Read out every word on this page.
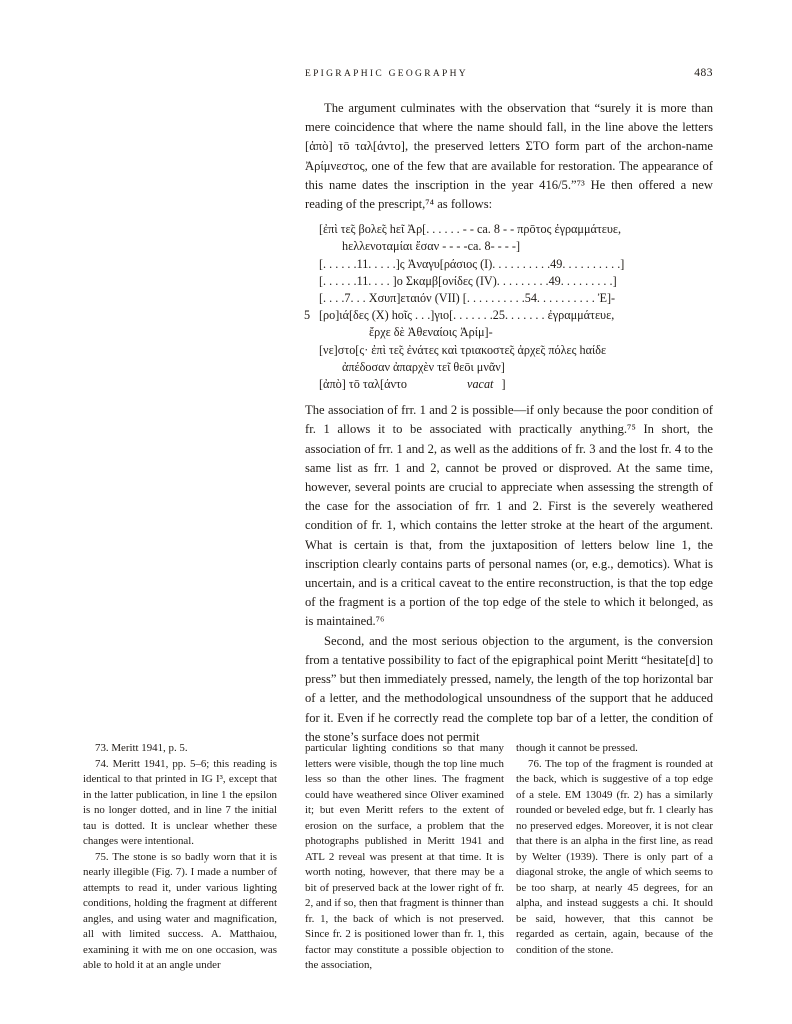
EPIGRAPHIC GEOGRAPHY	483

The argument culminates with the observation that “surely it is more than mere coincidence that where the name should fall, in the line above the letters [ἀπὸ] τō ταλ[άντο], the preserved letters ΣΤΟ form part of the archon-name Ἀρίμνεστος, one of the few that are available for restoration. The appearance of this name dates the inscription in the year 416/5.”⁷³ He then offered a new reading of the prescript,⁷⁴ as follows:

[ἐπὶ τε̃ς βολε̃ς hε̃ι Ἀρ[. . . . . . - - ca. 8 - - πρōτος ἐγραμμάτευε,
hελλενοταμίαι ἔσαν - - - -ca. 8- - - -]
[. . . . . .11. . . . .]ς Ἀναγυ[ράσιος (I). . . . . . . . . .49. . . . . . . . . .]
[. . . . . .11. . . . ]ο Σκαμβ[ονίδες (IV). . . . . . . . .49. . . . . . . . .]
[. . . .7. . . Χσυπ]εταιόν (VII) [. . . . . . . . . .54. . . . . . . . . . Ἐ]-
5 [ρο]ιά[δες (X) hοῖς . . .]γιο[. . . . . . .25. . . . . . . ἐγραμμάτευε,
ἔρχε δὲ Ἀθεναίοις Ἀρίμ]-
[νε]στο[ς· ἐπὶ τε̃ς ἐνάτες καὶ τριακοστε̃ς ἀρχε̃ς πόλες hαίδε
ἀπέδοσαν ἀπαρχὲν τε̃ι θεōι μνᾶν]
[ἀπὸ] τō ταλ[άντο	vacat ]

The association of frr. 1 and 2 is possible—if only because the poor condition of fr. 1 allows it to be associated with practically anything.⁷⁵ In short, the association of frr. 1 and 2, as well as the additions of fr. 3 and the lost fr. 4 to the same list as frr. 1 and 2, cannot be proved or disproved. At the same time, however, several points are crucial to appreciate when assessing the strength of the case for the association of frr. 1 and 2. First is the severely weathered condition of fr. 1, which contains the letter stroke at the heart of the argument. What is certain is that, from the juxtaposition of letters below line 1, the inscription clearly contains parts of personal names (or, e.g., demotics). What is uncertain, and is a critical caveat to the entire reconstruction, is that the top edge of the fragment is a portion of the top edge of the stele to which it belonged, as is maintained.⁷⁶

Second, and the most serious objection to the argument, is the conversion from a tentative possibility to fact of the epigraphical point Meritt “hesitate[d] to press” but then immediately pressed, namely, the length of the top horizontal bar of a letter, and the methodological unsoundness of the support that he adduced for it. Even if he correctly read the complete top bar of a letter, the condition of the stone’s surface does not permit

73. Meritt 1941, p. 5.

74. Meritt 1941, pp. 5–6; this reading is identical to that printed in IG I³, except that in the latter publication, in line 1 the epsilon is no longer dotted, and in line 7 the initial tau is dotted. It is unclear whether these changes were intentional.

75. The stone is so badly worn that it is nearly illegible (Fig. 7). I made a number of attempts to read it, under various lighting conditions, holding the fragment at different angles, and using water and magnification, all with limited success. A. Matthaiou, examining it with me on one occasion, was able to hold it at an angle under

particular lighting conditions so that many letters were visible, though the top line much less so than the other lines. The fragment could have weathered since Oliver examined it; but even Meritt refers to the extent of erosion on the surface, a problem that the photographs published in Meritt 1941 and ATL 2 reveal was present at that time. It is worth noting, however, that there may be a bit of preserved back at the lower right of fr. 2, and if so, then that fragment is thinner than fr. 1, the back of which is not preserved. Since fr. 2 is positioned lower than fr. 1, this factor may constitute a possible objection to the association,

though it cannot be pressed.

76. The top of the fragment is rounded at the back, which is suggestive of a top edge of a stele. EM 13049 (fr. 2) has a similarly rounded or beveled edge, but fr. 1 clearly has no preserved edges. Moreover, it is not clear that there is an alpha in the first line, as read by Welter (1939). There is only part of a diagonal stroke, the angle of which seems to be too sharp, at nearly 45 degrees, for an alpha, and instead suggests a chi. It should be said, however, that this cannot be regarded as certain, again, because of the condition of the stone.
